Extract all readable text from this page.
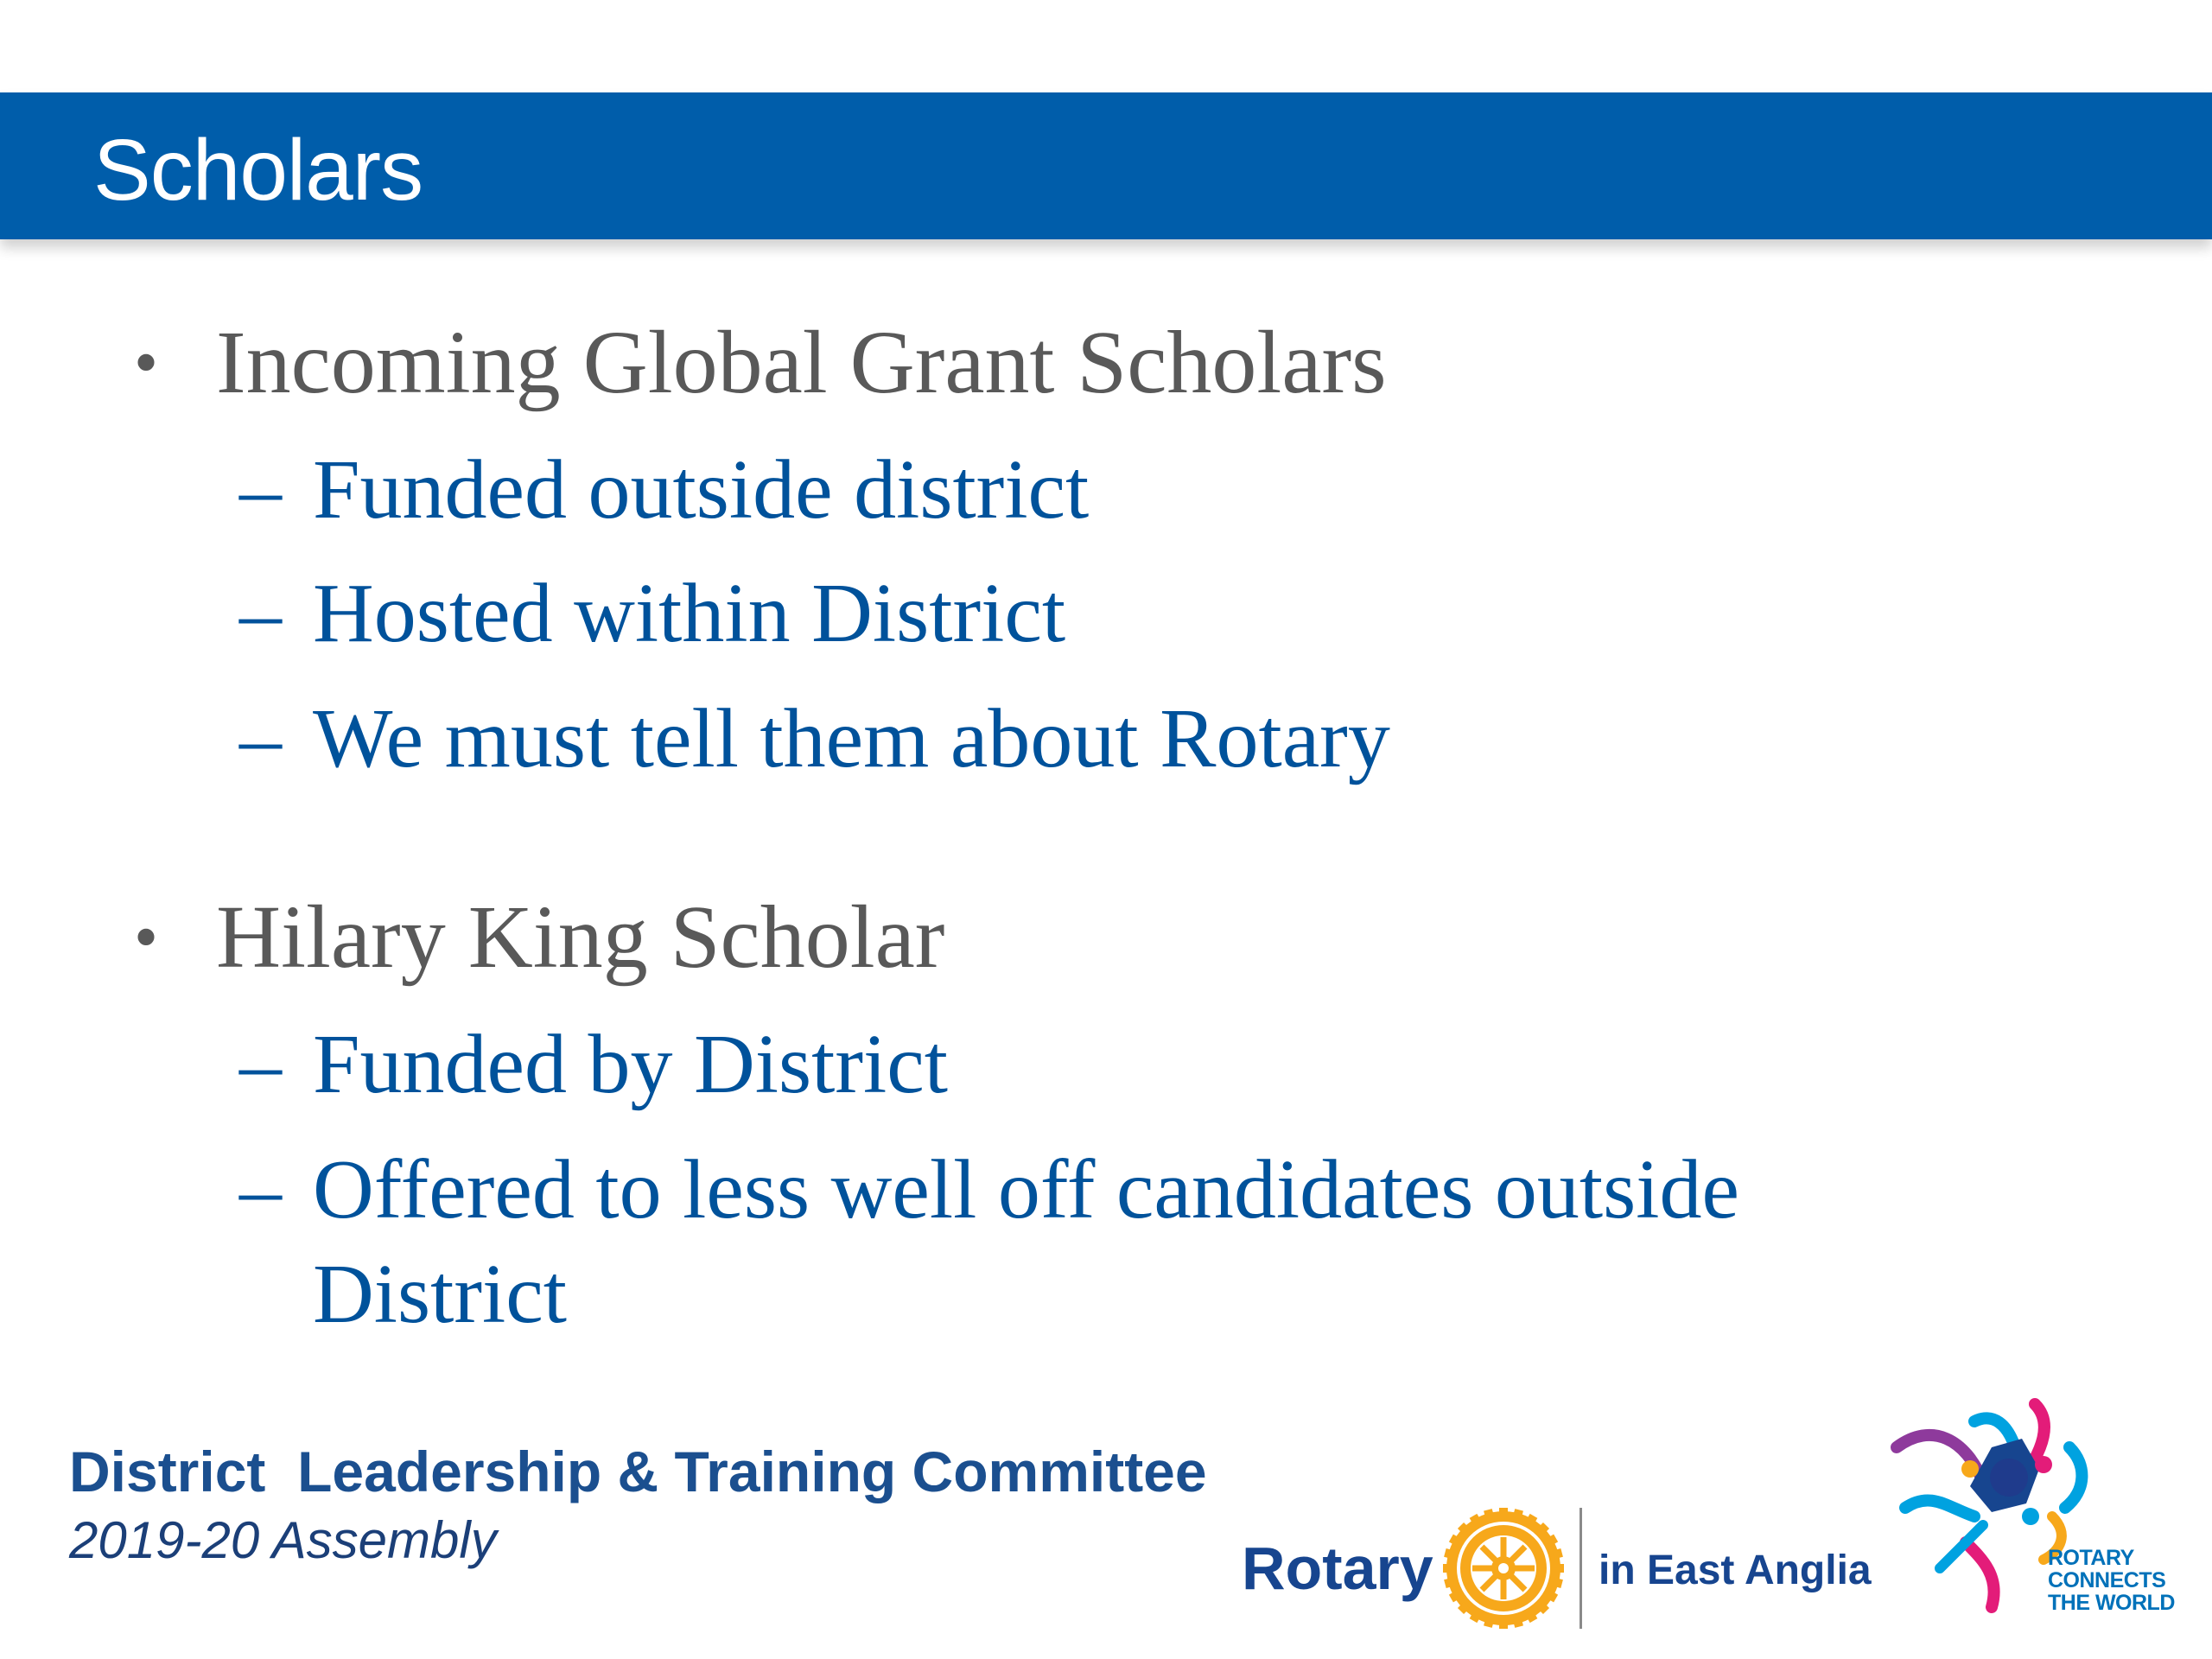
Scholars
• Incoming Global Grant Scholars
– Funded outside district
– Hosted within District
– We must tell them about Rotary
• Hilary King Scholar
– Funded by District
– Offered to less well off candidates outside
District
District  Leadership & Training Committee
2019-20 Assembly	Rotary	in East Anglia	ROTARY
CONNECTS
THE WORLD
